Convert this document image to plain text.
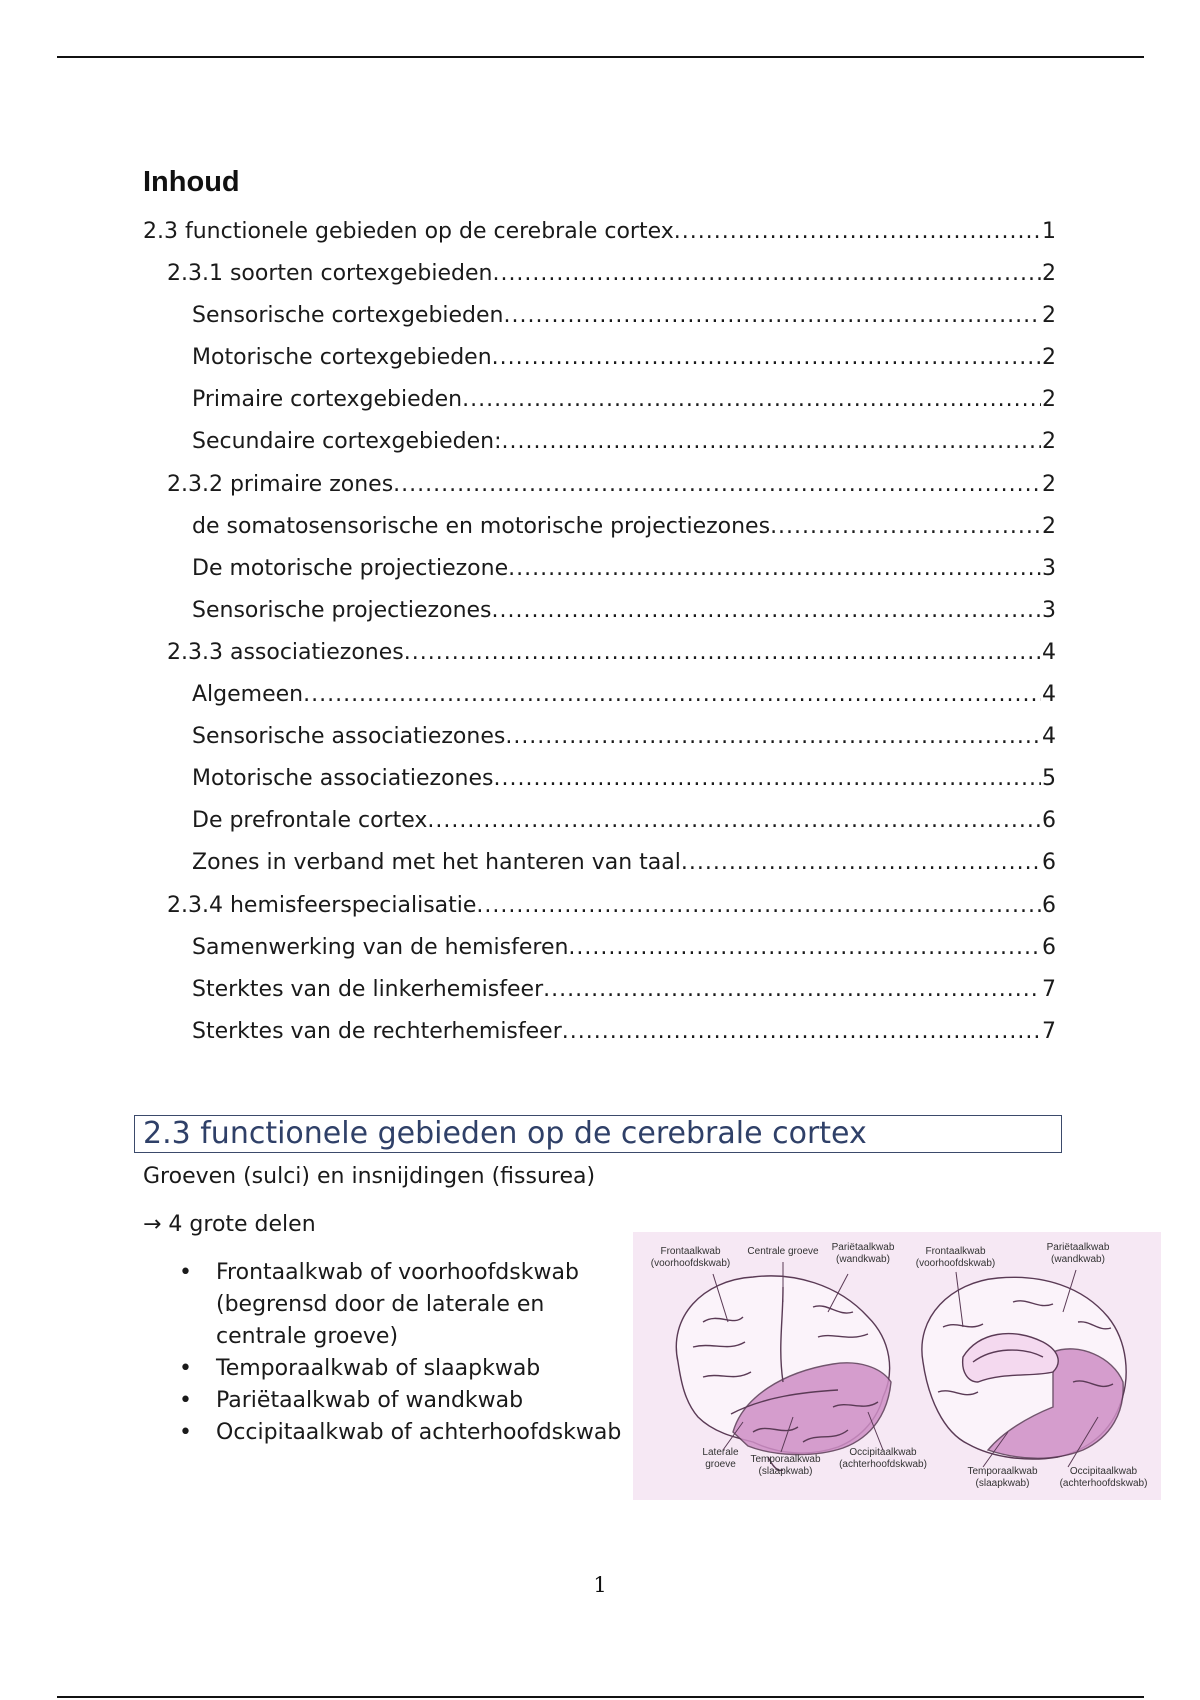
Inhoud
2.3 functionele gebieden op de cerebrale cortex .....	1
2.3.1 soorten cortexgebieden .....	2
Sensorische cortexgebieden .....	2
Motorische cortexgebieden .....	2
Primaire cortexgebieden .....	2
Secundaire cortexgebieden: .....	2
2.3.2 primaire zones .....	2
de somatosensorische en motorische projectiezones .....	2
De motorische projectiezone .....	3
Sensorische projectiezones .....	3
2.3.3 associatiezones .....	4
Algemeen .....	4
Sensorische associatiezones .....	4
Motorische associatiezones .....	5
De prefrontale cortex .....	6
Zones in verband met het hanteren van taal .....	6
2.3.4 hemisfeerspecialisatie .....	6
Samenwerking van de hemisferen .....	6
Sterktes van de linkerhemisfeer .....	7
Sterktes van de rechterhemisfeer .....	7
2.3 functionele gebieden op de cerebrale cortex

Groeven (sulci) en insnijdingen (fissurea)

→ 4 grote delen

• Frontaalkwab of voorhoofdskwab (begrensd door de laterale en centrale groeve)
• Temporaalkwab of slaapkwab
• Pariëtaalkwab of wandkwab
• Occipitaalkwab of achterhoofdskwab
Frontaalkwab
(voorhoofdskwab)
Centrale groeve	Pariëtaalkwab
(wandkwab)
Frontaalkwab
(voorhoofdskwab)
Pariëtaalkwab
(wandkwab)
Laterale
groeve	Temporaalkwab
(slaapkwab)
Occipitaalkwab
(achterhoofdskwab)
Temporaalkwab
(slaapkwab)
Occipitaalkwab
(achterhoofdskwab)
1
